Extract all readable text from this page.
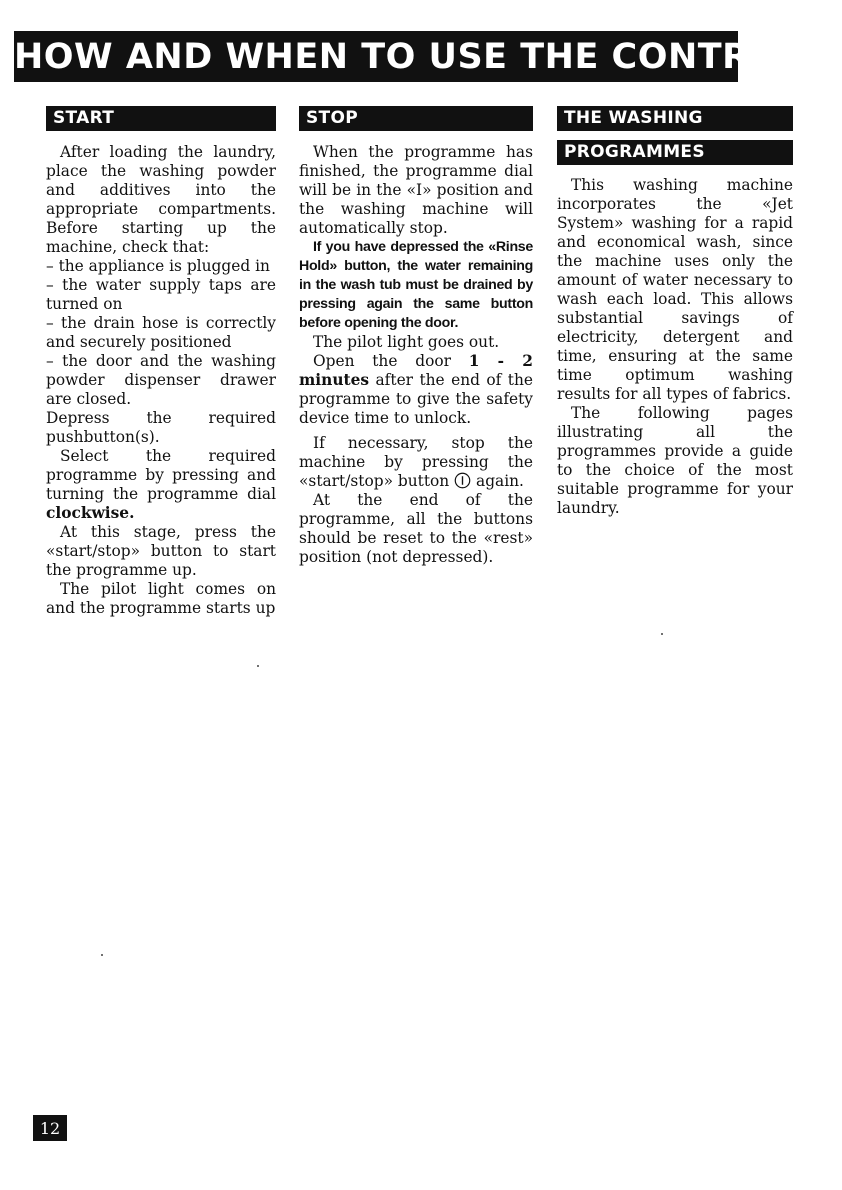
HOW AND WHEN TO USE THE CONTROLS
START

After loading the laundry, place the washing powder and additives into the appropriate compartments. Before starting up the machine, check that:

– the appliance is plugged in

– the water supply taps are turned on

– the drain hose is correctly and securely positioned

– the door and the washing powder dispenser drawer are closed.

Depress the required pushbutton(s).

Select the required programme by pressing and turning the programme dial clockwise.

At this stage, press the «start/stop» button to start the programme up.

The pilot light comes on and the programme starts up

STOP

When the programme has finished, the programme dial will be in the «I» position and the washing machine will automatically stop.

If you have depressed the «Rinse Hold» button, the water remaining in the wash tub must be drained by pressing again the same button before opening the door.

The pilot light goes out.

Open the door 1 - 2 minutes after the end of the programme to give the safety device time to unlock.

If necessary, stop the machine by pressing the «start/stop» button  again.

At the end of the programme, all the buttons should be reset to the «rest» position (not depressed).

THE WASHING
PROGRAMMES

This washing machine incorporates the «Jet System» washing for a rapid and economical wash, since the machine uses only the amount of water necessary to wash each load. This allows substantial savings of electricity, detergent and time, ensuring at the same time optimum washing results for all types of fabrics.

The following pages illustrating all the programmes provide a guide to the choice of the most suitable programme for your laundry.

12
